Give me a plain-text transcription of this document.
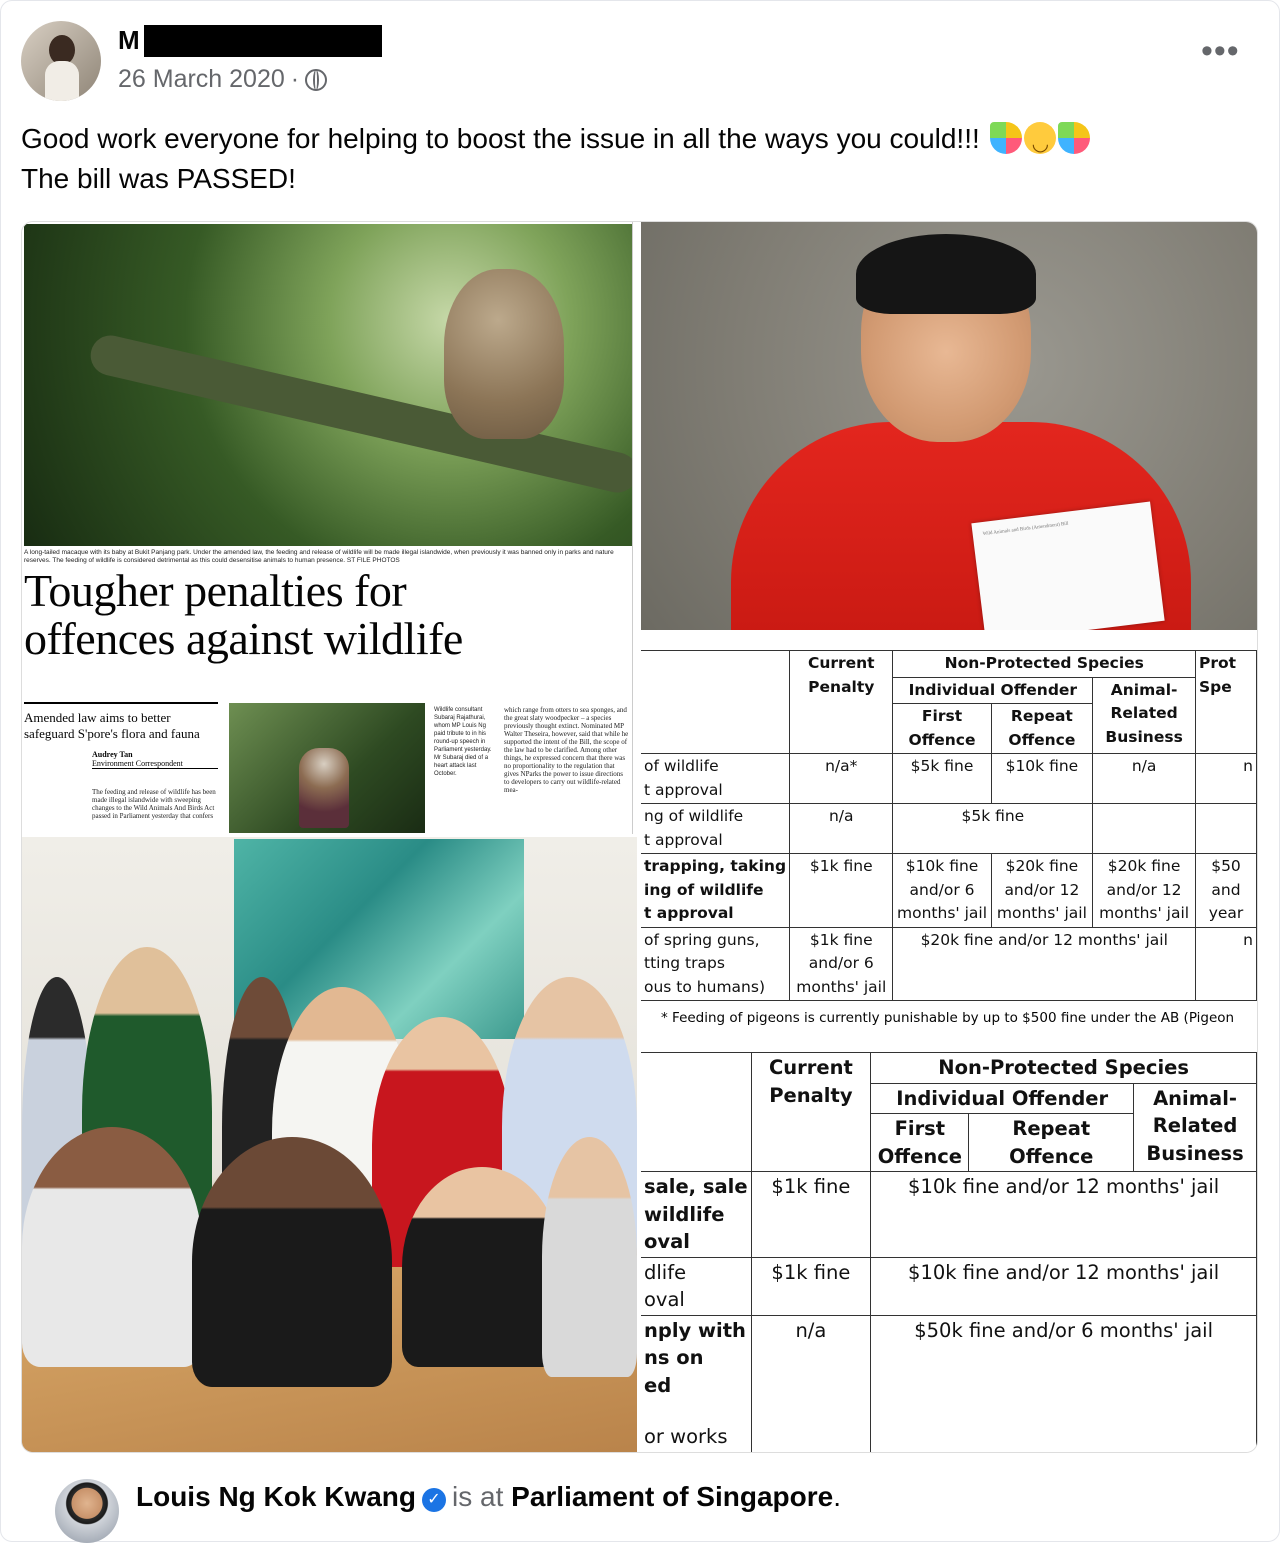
M
26 March 2020 ·
•••
Good work everyone for helping to boost the issue in all the ways you could!!! ◡
The bill was PASSED!
A long-tailed macaque with its baby at Bukit Panjang park. Under the amended law, the feeding and release of wildlife will be made illegal islandwide, when previously it was banned only in parks and nature reserves. The feeding of wildlife is considered detrimental as this could desensitise animals to human presence. ST FILE PHOTOS
Tougher penalties for
offences against wildlife
Amended law aims to better safeguard S'pore's flora and fauna
Audrey Tan
Environment Correspondent
The feeding and release of wildlife has been made illegal islandwide with sweeping changes to the Wild Animals And Birds Act passed in Parliament yesterday that confers
Wildlife consultant Subaraj Rajathurai, whom MP Louis Ng paid tribute to in his round-up speech in Parliament yesterday. Mr Subaraj died of a heart attack last October.
which range from otters to sea sponges, and the great slaty woodpecker – a species previously thought extinct. Nominated MP Walter Theseira, however, said that while he supported the intent of the Bill, the scope of the law had to be clarified. Among other things, he expressed concern that there was no proportionality to the regulation that gives NParks the power to issue directions to developers to carry out wildlife-related mea-
Wild Animals and Birds (Amendment) Bill
	Current Penalty	Non-Protected Species			Prot
Spe

		Individual Offender		Animal-Related Business	
		First Offence	Repeat Offence		

of wildlife
t approval	n/a*	$5k fine	$10k fine	n/a	n

ng of wildlife
t approval	n/a	$5k fine			

trapping, taking
ing of wildlife
t approval	$1k fine	$10k fine and/or 6 months' jail	$20k fine and/or 12 months' jail	$20k fine and/or 12 months' jail	$50 and year

of spring guns,
tting traps
ous to humans)	$1k fine and/or 6 months' jail	$20k fine and/or 12 months' jail			n
* Feeding of pigeons is currently punishable by up to $500 fine under the AB (Pigeon
	Current Penalty	Non-Protected Species		
		Individual Offender		Animal-Related Business
		First Offence	Repeat Offence	

sale, sale
wildlife
oval	$1k fine	$10k fine and/or 12 months' jail		

dlife
oval	$1k fine	$10k fine and/or 12 months' jail		

nply with
ns on
ed
or works	n/a	$50k fine and/or 6 months' jail		
Louis Ng Kok Kwang ✓ is at Parliament of Singapore.
